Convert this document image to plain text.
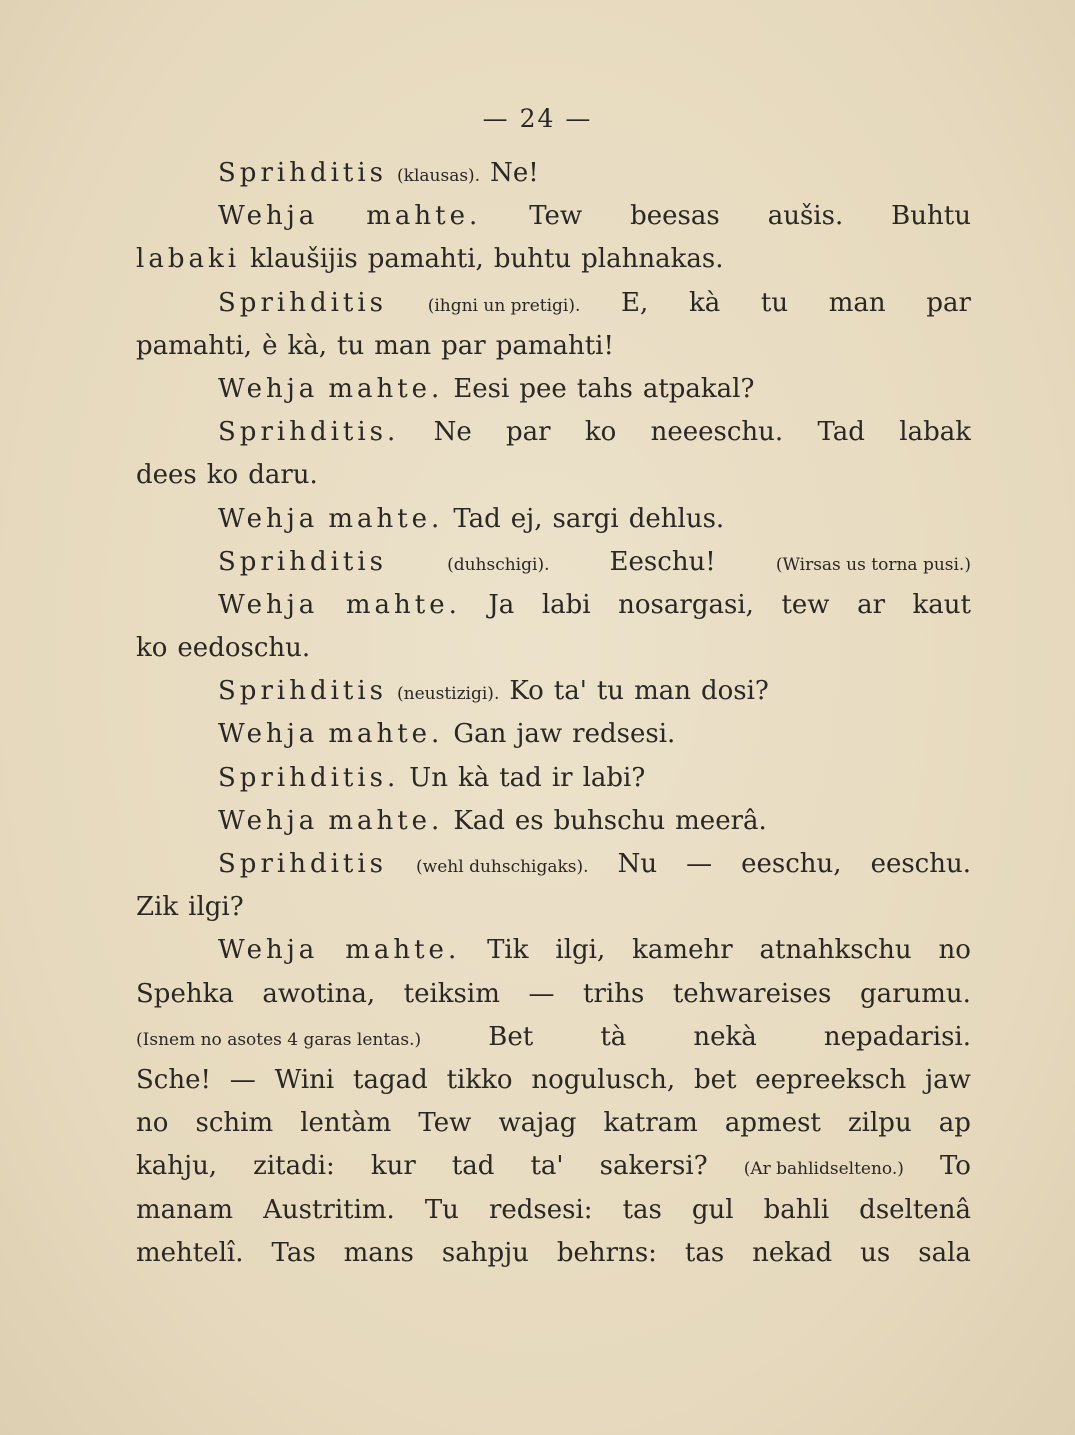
— 24 —
Sprihditis (klausas). Ne!
Wehja mahte. Tew beesas aušis. Buhtu
labaki klaušijis pamahti, buhtu plahnakas.
Sprihditis (ihgni un pretigi). E, kà tu man par
pamahti, è kà, tu man par pamahti!
Wehja mahte. Eesi pee tahs atpakal?
Sprihditis. Ne par ko neeeschu. Tad labak
dees ko daru.
Wehja mahte. Tad ej, sargi dehlus.
Sprihditis	(duhschigi). Eeschu!	(Wirsas us torna pusi.)
Wehja mahte. Ja labi nosargasi, tew ar kaut
ko eedoschu.
Sprihditis (neustizigi). Ko ta' tu man dosi?
Wehja mahte. Gan jaw redsesi.
Sprihditis. Un kà tad ir labi?
Wehja mahte. Kad es buhschu meerâ.
Sprihditis (wehl duhschigaks). Nu — eeschu, eeschu.
Zik ilgi?
Wehja mahte. Tik ilgi, kamehr atnahkschu no
Spehka awotina, teiksim — trihs tehwareises garumu.
(Isnem no asotes 4 garas lentas.)	Bet	tà	nekà	nepadarisi.
Sche! — Wini tagad tikko nogulusch, bet eepreeksch jaw
no schim lentàm Tew wajag katram apmest zilpu ap
kahju, zitadi: kur tad ta' sakersi? (Ar bahlidselteno.) To
manam Austritim. Tu redsesi: tas gul bahli dseltenâ
mehtelî. Tas mans sahpju behrns: tas nekad us sala
